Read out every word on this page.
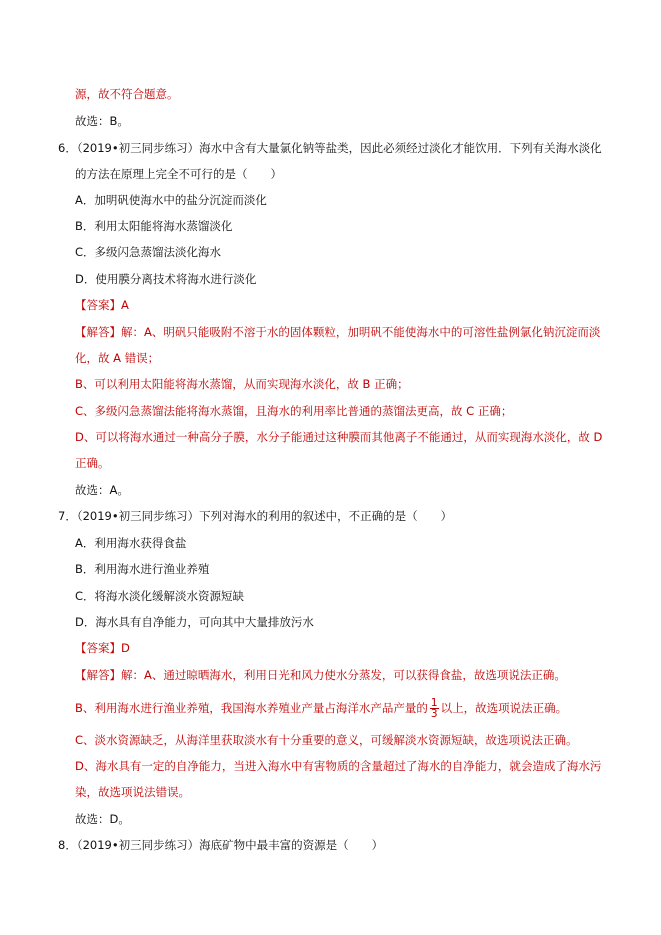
源，故不符合题意。
故选：B。
6．（2019•初三同步练习）海水中含有大量氯化钠等盐类，因此必须经过淡化才能饮用．下列有关海水淡化
的方法在原理上完全不可行的是（　　）
A．加明矾使海水中的盐分沉淀而淡化
B．利用太阳能将海水蒸馏淡化
C．多级闪急蒸馏法淡化海水
D．使用膜分离技术将海水进行淡化
【答案】A
【解答】解：A、明矾只能吸附不溶于水的固体颗粒，加明矾不能使海水中的可溶性盐例氯化钠沉淀而淡
化，故 A 错误；
B、可以利用太阳能将海水蒸馏，从而实现海水淡化，故 B 正确；
C、多级闪急蒸馏法能将海水蒸馏，且海水的利用率比普通的蒸馏法更高，故 C 正确；
D、可以将海水通过一种高分子膜，水分子能通过这种膜而其他离子不能通过，从而实现海水淡化，故 D
正确。
故选：A。
7．（2019•初三同步练习）下列对海水的利用的叙述中，不正确的是（　　）
A．利用海水获得食盐
B．利用海水进行渔业养殖
C．将海水淡化缓解淡水资源短缺
D．海水具有自净能力，可向其中大量排放污水
【答案】D
【解答】解：A、通过晾晒海水，利用日光和风力使水分蒸发，可以获得食盐，故选项说法正确。
B、利用海水进行渔业养殖，我国海水养殖业产量占海洋水产品产量的 $\frac{1}{3}$ 以上，故选项说法正确。
C、淡水资源缺乏，从海洋里获取淡水有十分重要的意义，可缓解淡水资源短缺，故选项说法正确。
D、海水具有一定的自净能力，当进入海水中有害物质的含量超过了海水的自净能力，就会造成了海水污
染，故选项说法错误。
故选：D。
8．（2019•初三同步练习）海底矿物中最丰富的资源是（　　）
